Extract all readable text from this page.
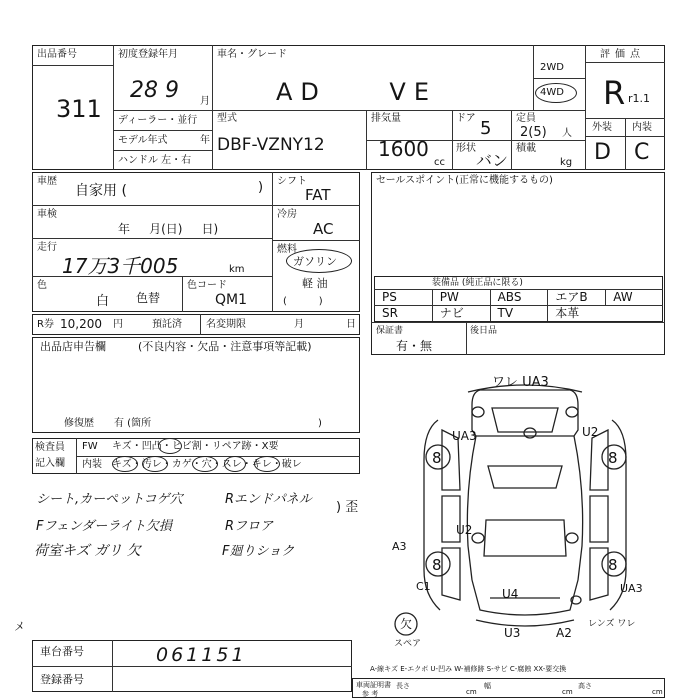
出品番号
311
初度登録年月
28 9 月
車名・グレード
AD    VE
2WD
4WD
評価点
R r1.1
ディーラー・並行
モデル年式	年
ハンドル 左・右
型式
DBF-VZNY12
排気量
1600
cc
ドア 5
形状
バン
定員
2(5) 人
積載
kg
外装 内装
D C
車歴
自家用 (	)
車検
年     月(日)     日)
走行
17万3千005	km
色
白 色替
色コード
QM1
シフト
FAT
冷房
AC
燃料
ガソリン
軽 油
(          )
R券 10,200 円	預託済 名変期限	月	日
セールスポイント(正常に機能するもの)
装備品 (純正品に限る)
PS	PW	ABS	エアB AW
SR	ナビ	TV	本革
保証書
有・無
後日品
出品店申告欄	(不良内容・欠品・注意事項等記載)
修復歴 有 (箇所	)
検査員
記入欄
FW キズ・凹凸・ヒビ割・リペア跡・X要
内装 キズ・汚レ・カゲ・穴・スレ・キレ・破レ
シート,カーペットコゲ穴
Fフェンダーライト欠損
荷室キズ ガリ 欠
Rエンドパネル
Rフロア
F廻りショク
) 歪
メ
8	8
8	8
ワレ UA3
UA3	U2
U2
A3
C1
U4	UA3
U3	A2
レンズ ワレ
欠
スペア
A-線キズ E-エクボ U-凹み W-補修跡 S-サビ C-腐蝕 XX-要交換
車台番号	061151
登録番号	車両証明書
参 考
長さ
cm
幅
cm
高さ
cm
